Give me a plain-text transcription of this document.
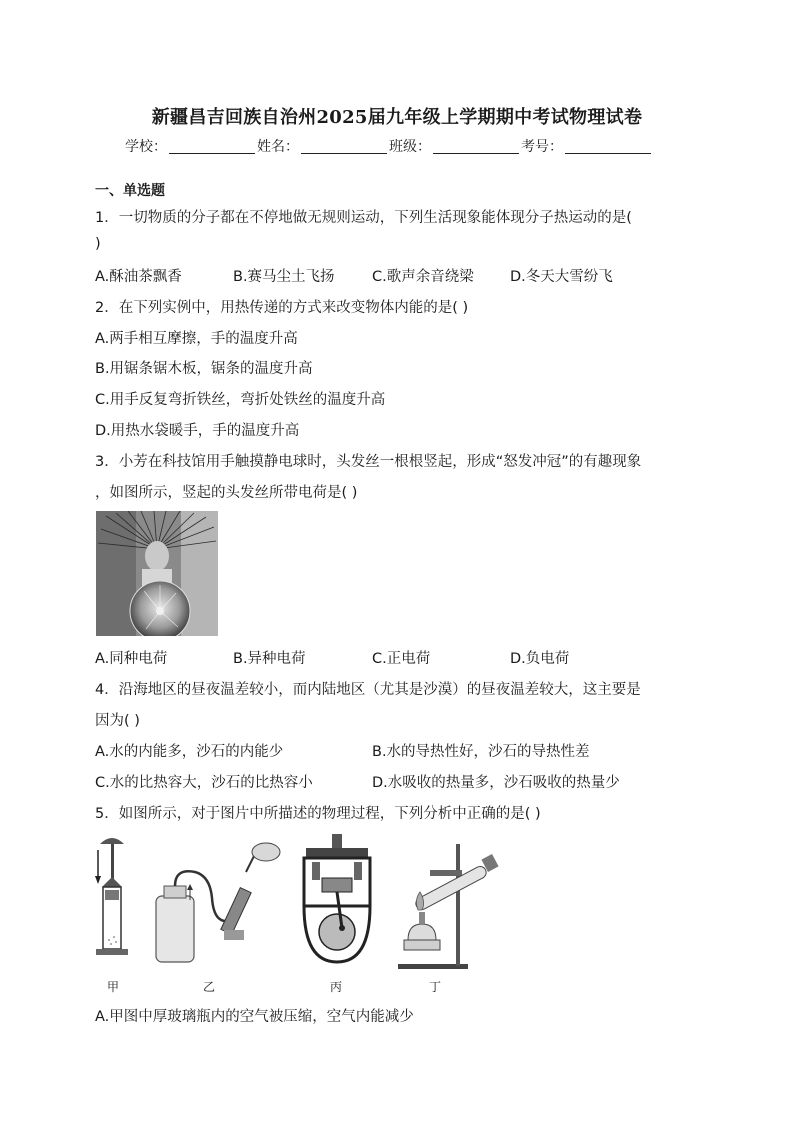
新疆昌吉回族自治州2025届九年级上学期期中考试物理试卷
学校：	姓名：	班级：	考号：
一、单选题
1．一切物质的分子都在不停地做无规则运动，下列生活现象能体现分子热运动的是(
)
A.酥油茶飘香	B.赛马尘土飞扬	C.歌声余音绕梁	D.冬天大雪纷飞
2．在下列实例中，用热传递的方式来改变物体内能的是( )
A.两手相互摩擦，手的温度升高
B.用锯条锯木板，锯条的温度升高
C.用手反复弯折铁丝，弯折处铁丝的温度升高
D.用热水袋暖手，手的温度升高
3．小芳在科技馆用手触摸静电球时，头发丝一根根竖起，形成“怒发冲冠”的有趣现象
，如图所示，竖起的头发丝所带电荷是( )
A.同种电荷	B.异种电荷	C.正电荷	D.负电荷
4．沿海地区的昼夜温差较小，而内陆地区（尤其是沙漠）的昼夜温差较大，这主要是
因为( )
A.水的内能多，沙石的内能少	B.水的导热性好，沙石的导热性差
C.水的比热容大，沙石的比热容小	D.水吸收的热量多，沙石吸收的热量少
5．如图所示，对于图片中所描述的物理过程，下列分析中正确的是( )
甲	乙	丙	丁
A.甲图中厚玻璃瓶内的空气被压缩，空气内能减少
